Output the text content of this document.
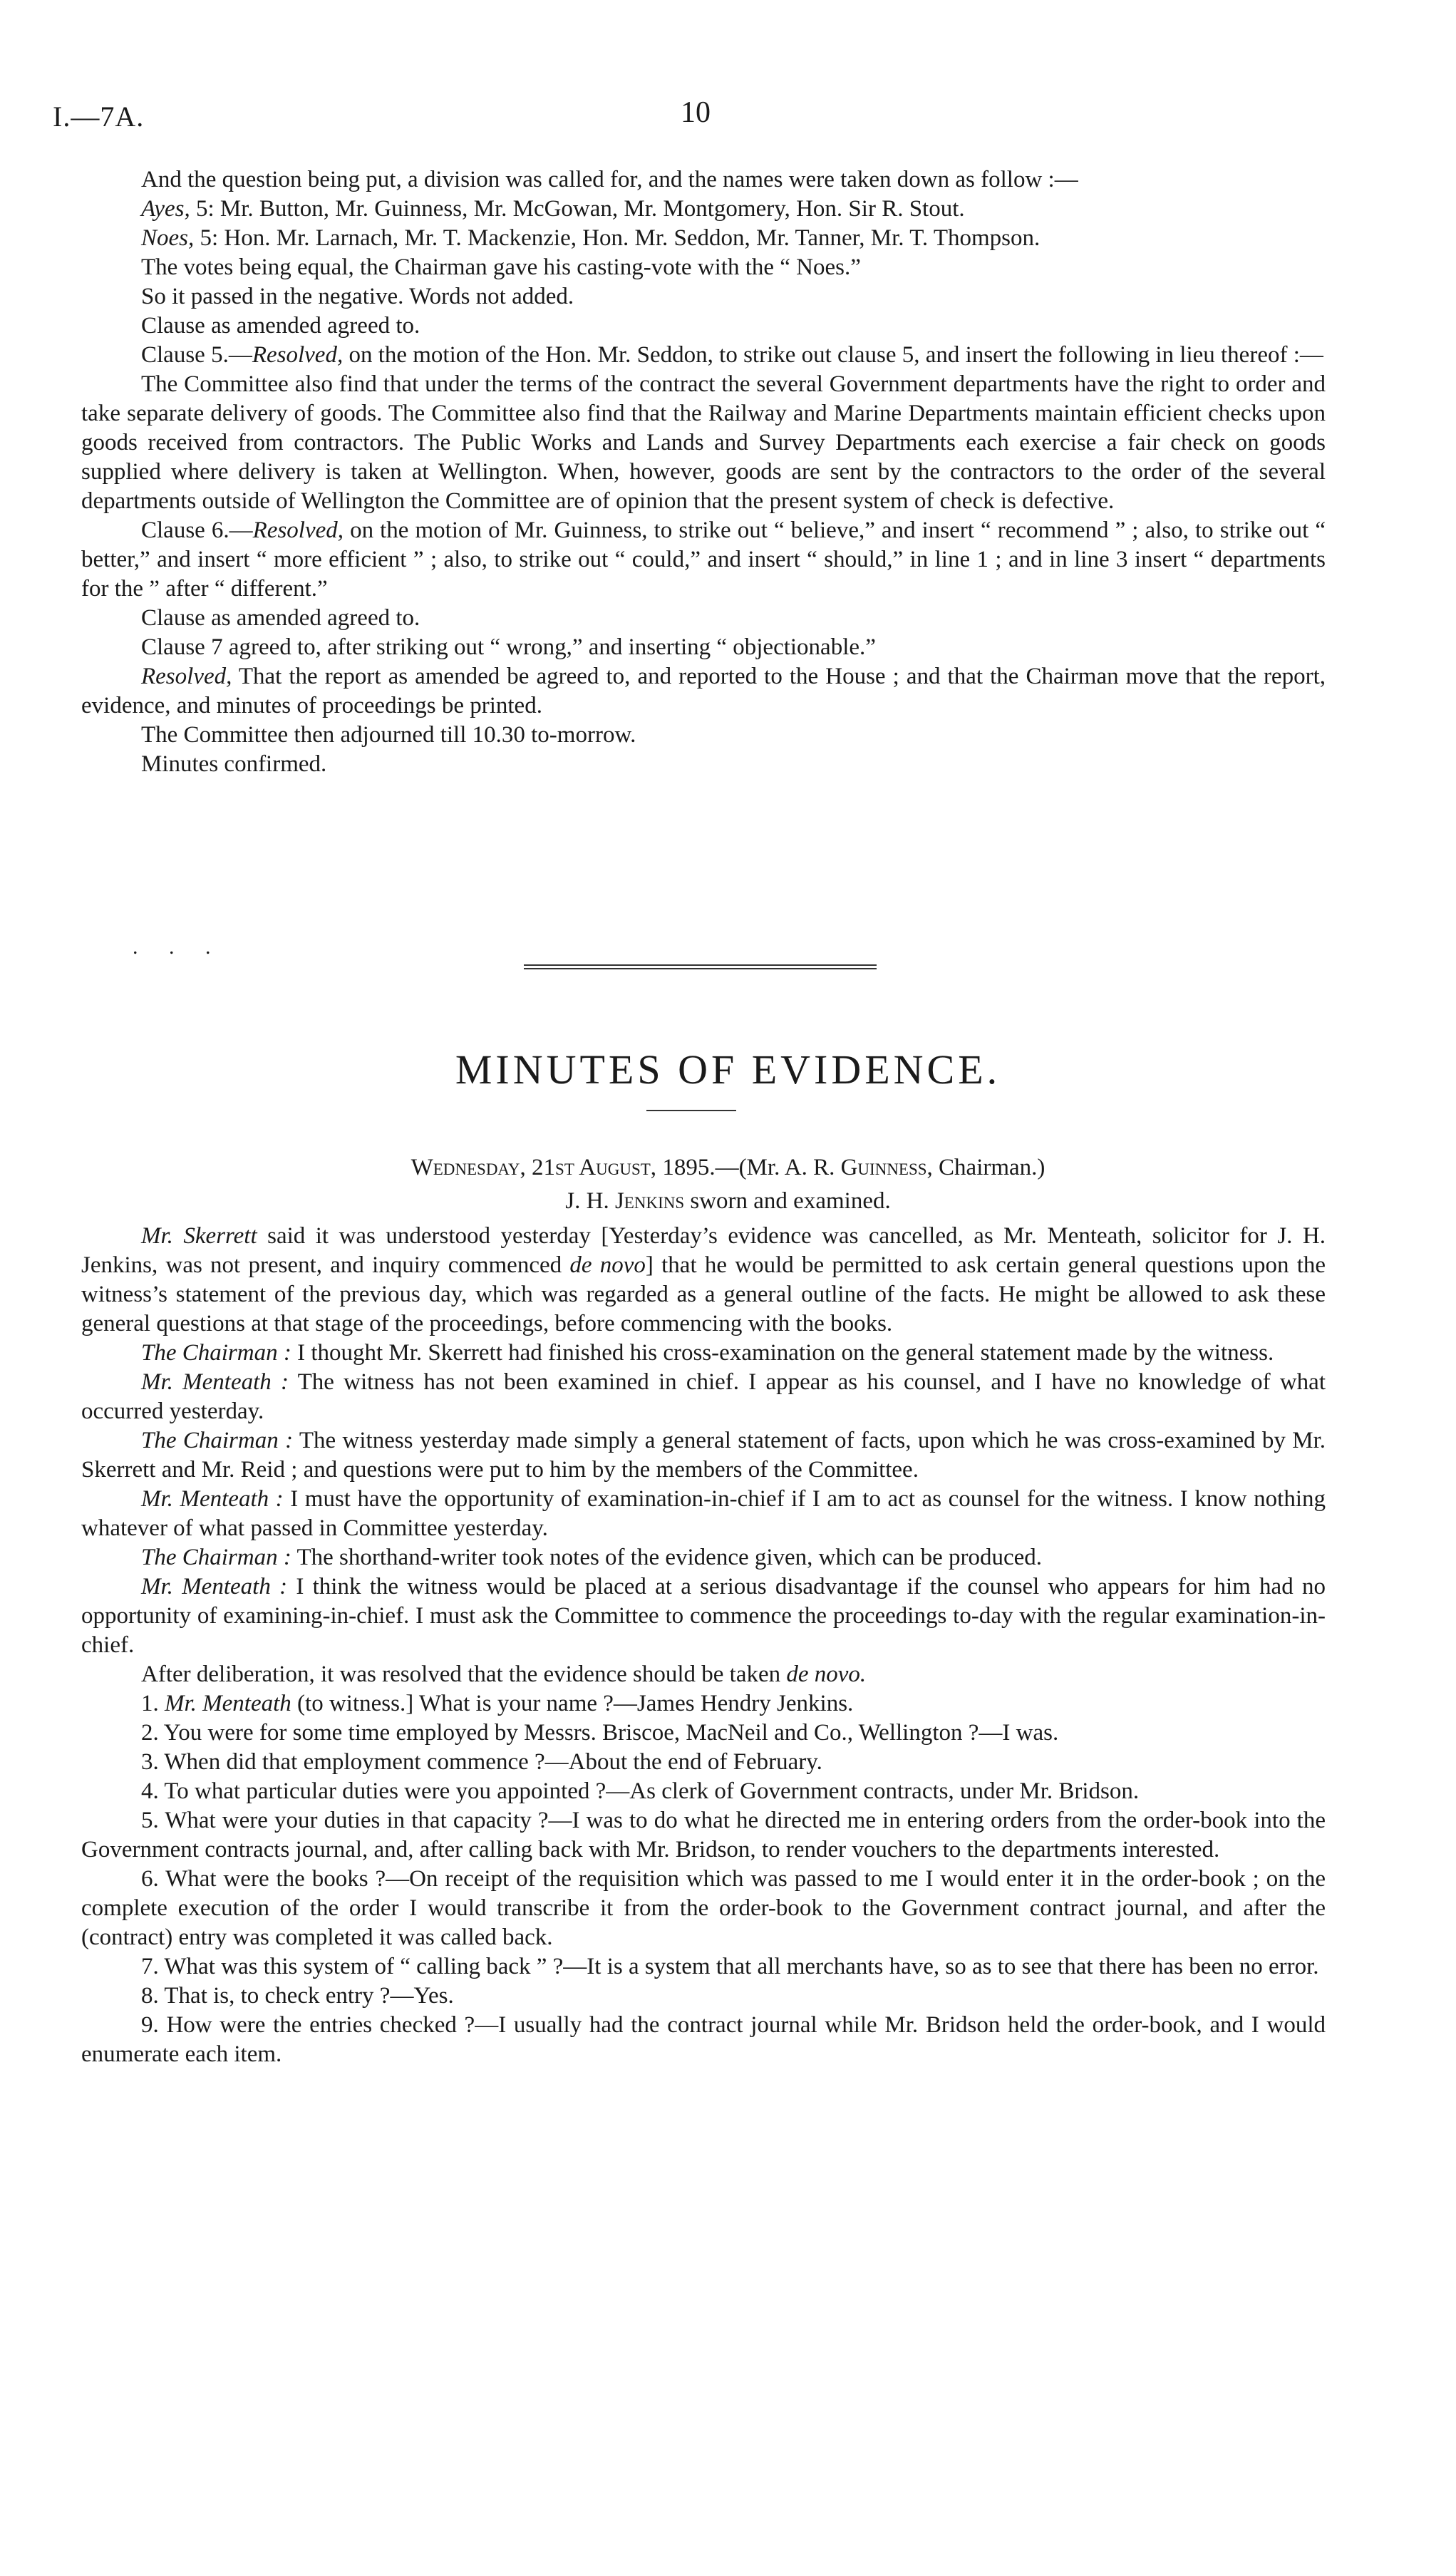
I.—7A.	10

And the question being put, a division was called for, and the names were taken down as follow :—

Ayes, 5: Mr. Button, Mr. Guinness, Mr. McGowan, Mr. Montgomery, Hon. Sir R. Stout.

Noes, 5: Hon. Mr. Larnach, Mr. T. Mackenzie, Hon. Mr. Seddon, Mr. Tanner, Mr. T. Thompson.

The votes being equal, the Chairman gave his casting-vote with the “ Noes.”

So it passed in the negative. Words not added.

Clause as amended agreed to.

Clause 5.—Resolved, on the motion of the Hon. Mr. Seddon, to strike out clause 5, and insert the following in lieu thereof :—

The Committee also find that under the terms of the contract the several Government departments have the right to order and take separate delivery of goods. The Committee also find that the Railway and Marine Departments maintain efficient checks upon goods received from contractors. The Public Works and Lands and Survey Departments each exercise a fair check on goods supplied where delivery is taken at Wellington. When, however, goods are sent by the contractors to the order of the several departments outside of Wellington the Committee are of opinion that the present system of check is defective.

Clause 6.—Resolved, on the motion of Mr. Guinness, to strike out “ believe,” and insert “ recommend ” ; also, to strike out “ better,” and insert “ more efficient ” ; also, to strike out “ could,” and insert “ should,” in line 1 ; and in line 3 insert “ departments for the ” after “ different.”

Clause as amended agreed to.

Clause 7 agreed to, after striking out “ wrong,” and inserting “ objectionable.”

Resolved, That the report as amended be agreed to, and reported to the House ; and that the Chairman move that the report, evidence, and minutes of proceedings be printed.

The Committee then adjourned till 10.30 to-morrow.

Minutes confirmed.

. . .
MINUTES OF EVIDENCE.
Wednesday, 21st August, 1895.—(Mr. A. R. Guinness, Chairman.)
J. H. Jenkins sworn and examined.

Mr. Skerrett said it was understood yesterday [Yesterday’s evidence was cancelled, as Mr. Menteath, solicitor for J. H. Jenkins, was not present, and inquiry commenced de novo] that he would be permitted to ask certain general questions upon the witness’s statement of the previous day, which was regarded as a general outline of the facts. He might be allowed to ask these general questions at that stage of the proceedings, before commencing with the books.

The Chairman : I thought Mr. Skerrett had finished his cross-examination on the general statement made by the witness.

Mr. Menteath : The witness has not been examined in chief. I appear as his counsel, and I have no knowledge of what occurred yesterday.

The Chairman : The witness yesterday made simply a general statement of facts, upon which he was cross-examined by Mr. Skerrett and Mr. Reid ; and questions were put to him by the members of the Committee.

Mr. Menteath : I must have the opportunity of examination-in-chief if I am to act as counsel for the witness. I know nothing whatever of what passed in Committee yesterday.

The Chairman : The shorthand-writer took notes of the evidence given, which can be produced.

Mr. Menteath : I think the witness would be placed at a serious disadvantage if the counsel who appears for him had no opportunity of examining-in-chief. I must ask the Committee to commence the proceedings to-day with the regular examination-in-chief.

After deliberation, it was resolved that the evidence should be taken de novo.

1. Mr. Menteath (to witness.] What is your name ?—James Hendry Jenkins.

2. You were for some time employed by Messrs. Briscoe, MacNeil and Co., Wellington ?—I was.

3. When did that employment commence ?—About the end of February.

4. To what particular duties were you appointed ?—As clerk of Government contracts, under Mr. Bridson.

5. What were your duties in that capacity ?—I was to do what he directed me in entering orders from the order-book into the Government contracts journal, and, after calling back with Mr. Bridson, to render vouchers to the departments interested.

6. What were the books ?—On receipt of the requisition which was passed to me I would enter it in the order-book ; on the complete execution of the order I would transcribe it from the order-book to the Government contract journal, and after the (contract) entry was completed it was called back.

7. What was this system of “ calling back ” ?—It is a system that all merchants have, so as to see that there has been no error.

8. That is, to check entry ?—Yes.

9. How were the entries checked ?—I usually had the contract journal while Mr. Bridson held the order-book, and I would enumerate each item.
